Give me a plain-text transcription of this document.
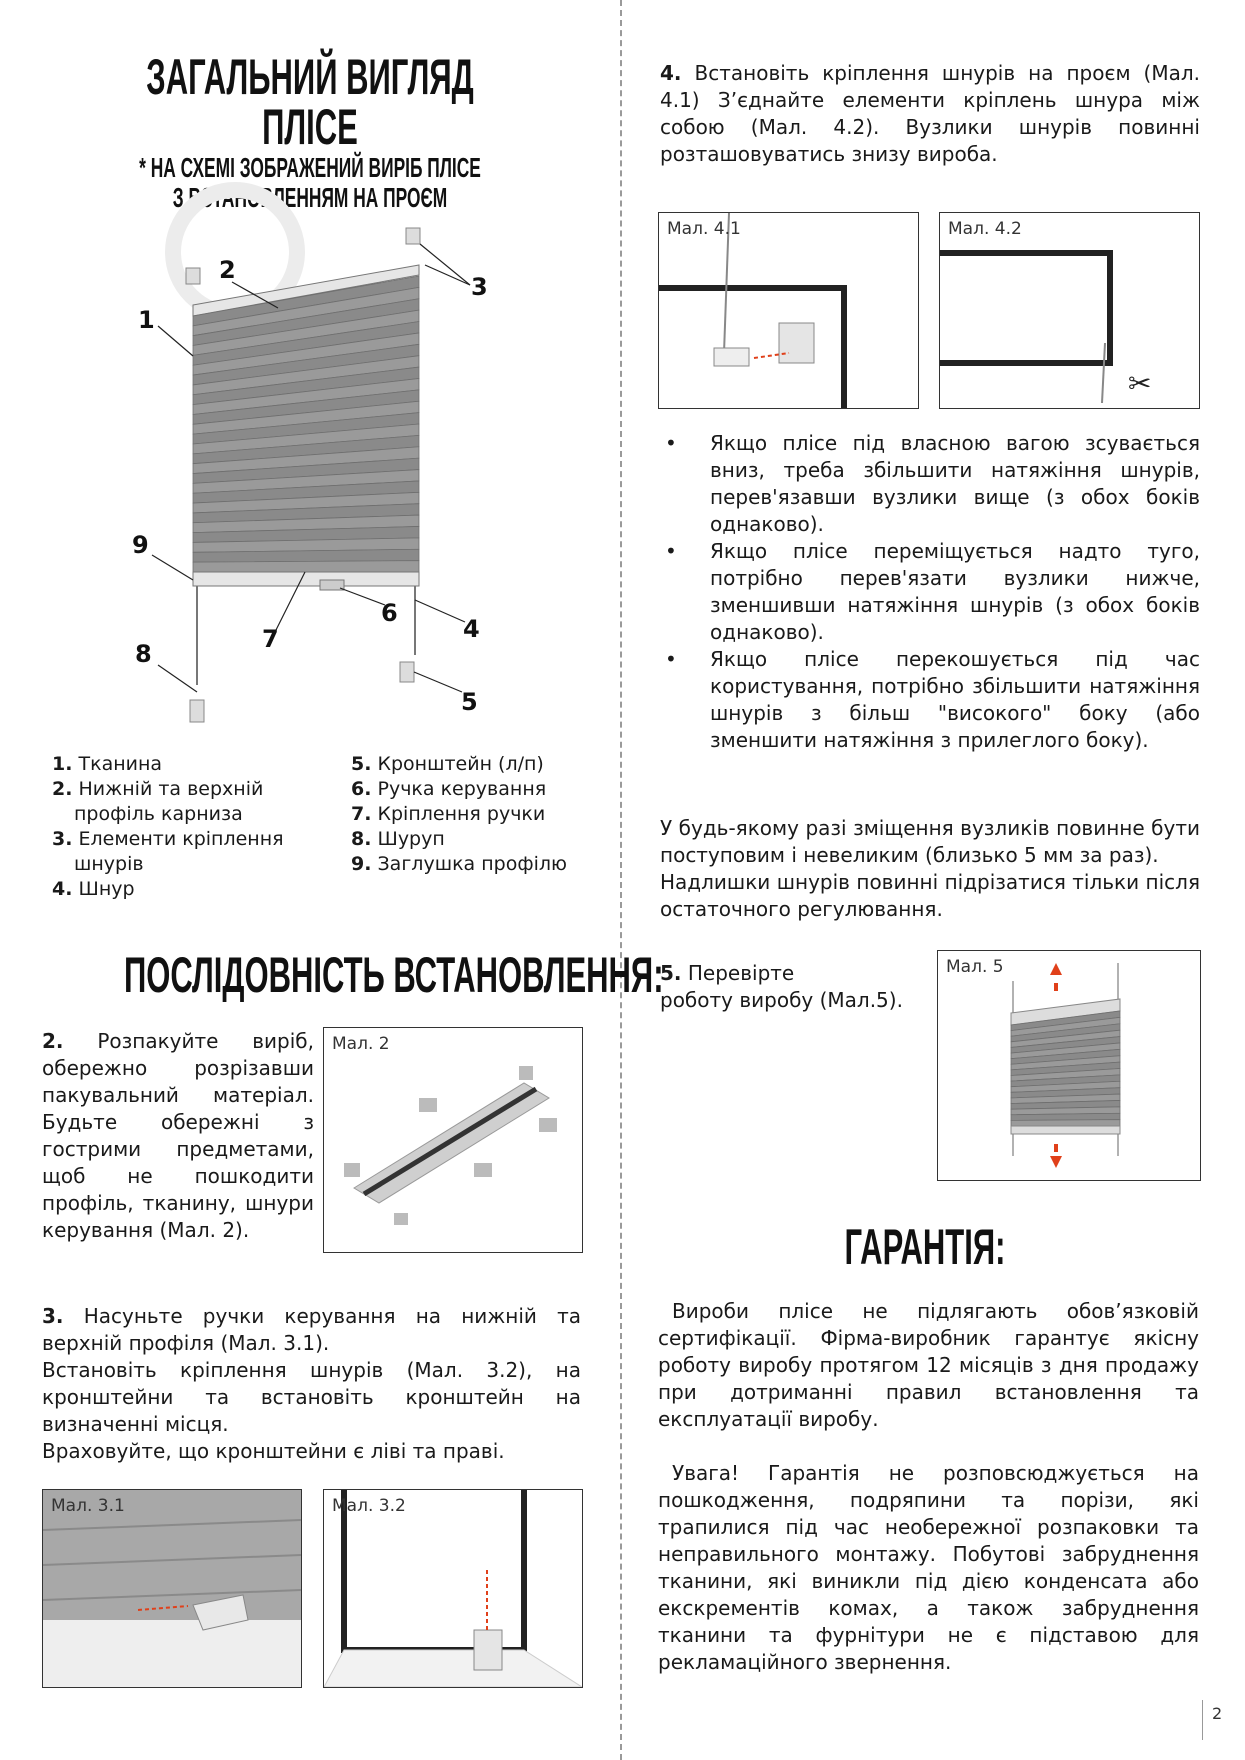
ЗАГАЛЬНИЙ ВИГЛЯД
ПЛІСЕ
* НА СХЕМІ ЗОБРАЖЕНИЙ ВИРІБ ПЛІСЕ
З ВСТАНОВЛЕННЯМ НА ПРОЄМ
1
2
3
4
5
6
7
8
9
1. Тканина
2. Нижній та верхній
профіль карниза
3. Елементи кріплення
шнурів
4. Шнур
5. Кронштейн (л/п)
6. Ручка керування
7. Кріплення ручки
8. Шуруп
9. Заглушка профілю
ПОСЛІДОВНІСТЬ ВСТАНОВЛЕННЯ:
2. Розпакуйте виріб, обережно розрізавши пакувальний матеріал. Будьте обережні з гострими предметами, щоб не пошкодити профіль, тканину, шнури керування (Мал. 2).
Мал. 2
3. Насуньте ручки керування на нижній та верхній профіля (Мал. 3.1).
Встановіть кріплення шнурів (Мал. 3.2), на кронштейни та встановіть кронштейн на визначенні місця.
Враховуйте, що кронштейни є ліві та праві.
Мал. 3.1	Мал. 3.2
4. Встановіть кріплення шнурів на проєм (Мал. 4.1) З’єднайте елементи кріплень шнура між собою (Мал. 4.2). Вузлики шнурів повинні розташовуватись знизу вироба.
Мал. 4.1
✂
Мал. 4.2
• Якщо плісе під власною вагою зсувається вниз, треба збільшити натяжіння шнурів, перев'язавши вузлики вище (з обох боків однаково).
• Якщо плісе переміщується надто туго, потрібно перев'язати вузлики нижче, зменшивши натяжіння шнурів (з обох боків однаково).
• Якщо плісе перекошується під час користування, потрібно збільшити натяжіння шнурів з більш "високого" боку (або зменшити натяжіння з прилеглого боку).
У будь-якому разі зміщення вузликів повинне бути поступовим і невеликим (близько 5 мм за раз).
Надлишки шнурів повинні підрізатися тільки після остаточного регулювання.
5. Перевірте
роботу виробу (Мал.5).
Мал. 5
ГАРАНТІЯ:
Вироби плісе не підлягають обов’язковій сертифікації. Фірма-виробник гарантує якісну роботу виробу протягом 12 місяців з дня продажу при дотриманні правил встановлення та експлуатації виробу.
Увага! Гарантія не розповсюджується на пошкодження, подряпини та порізи, які трапилися під час необережної розпаковки та неправильного монтажу. Побутові забруднення тканини, які виникли під дією конденсата або екскрементів комах, а також забруднення тканини та фурнітури не є підставою для рекламаційного звернення.
2
